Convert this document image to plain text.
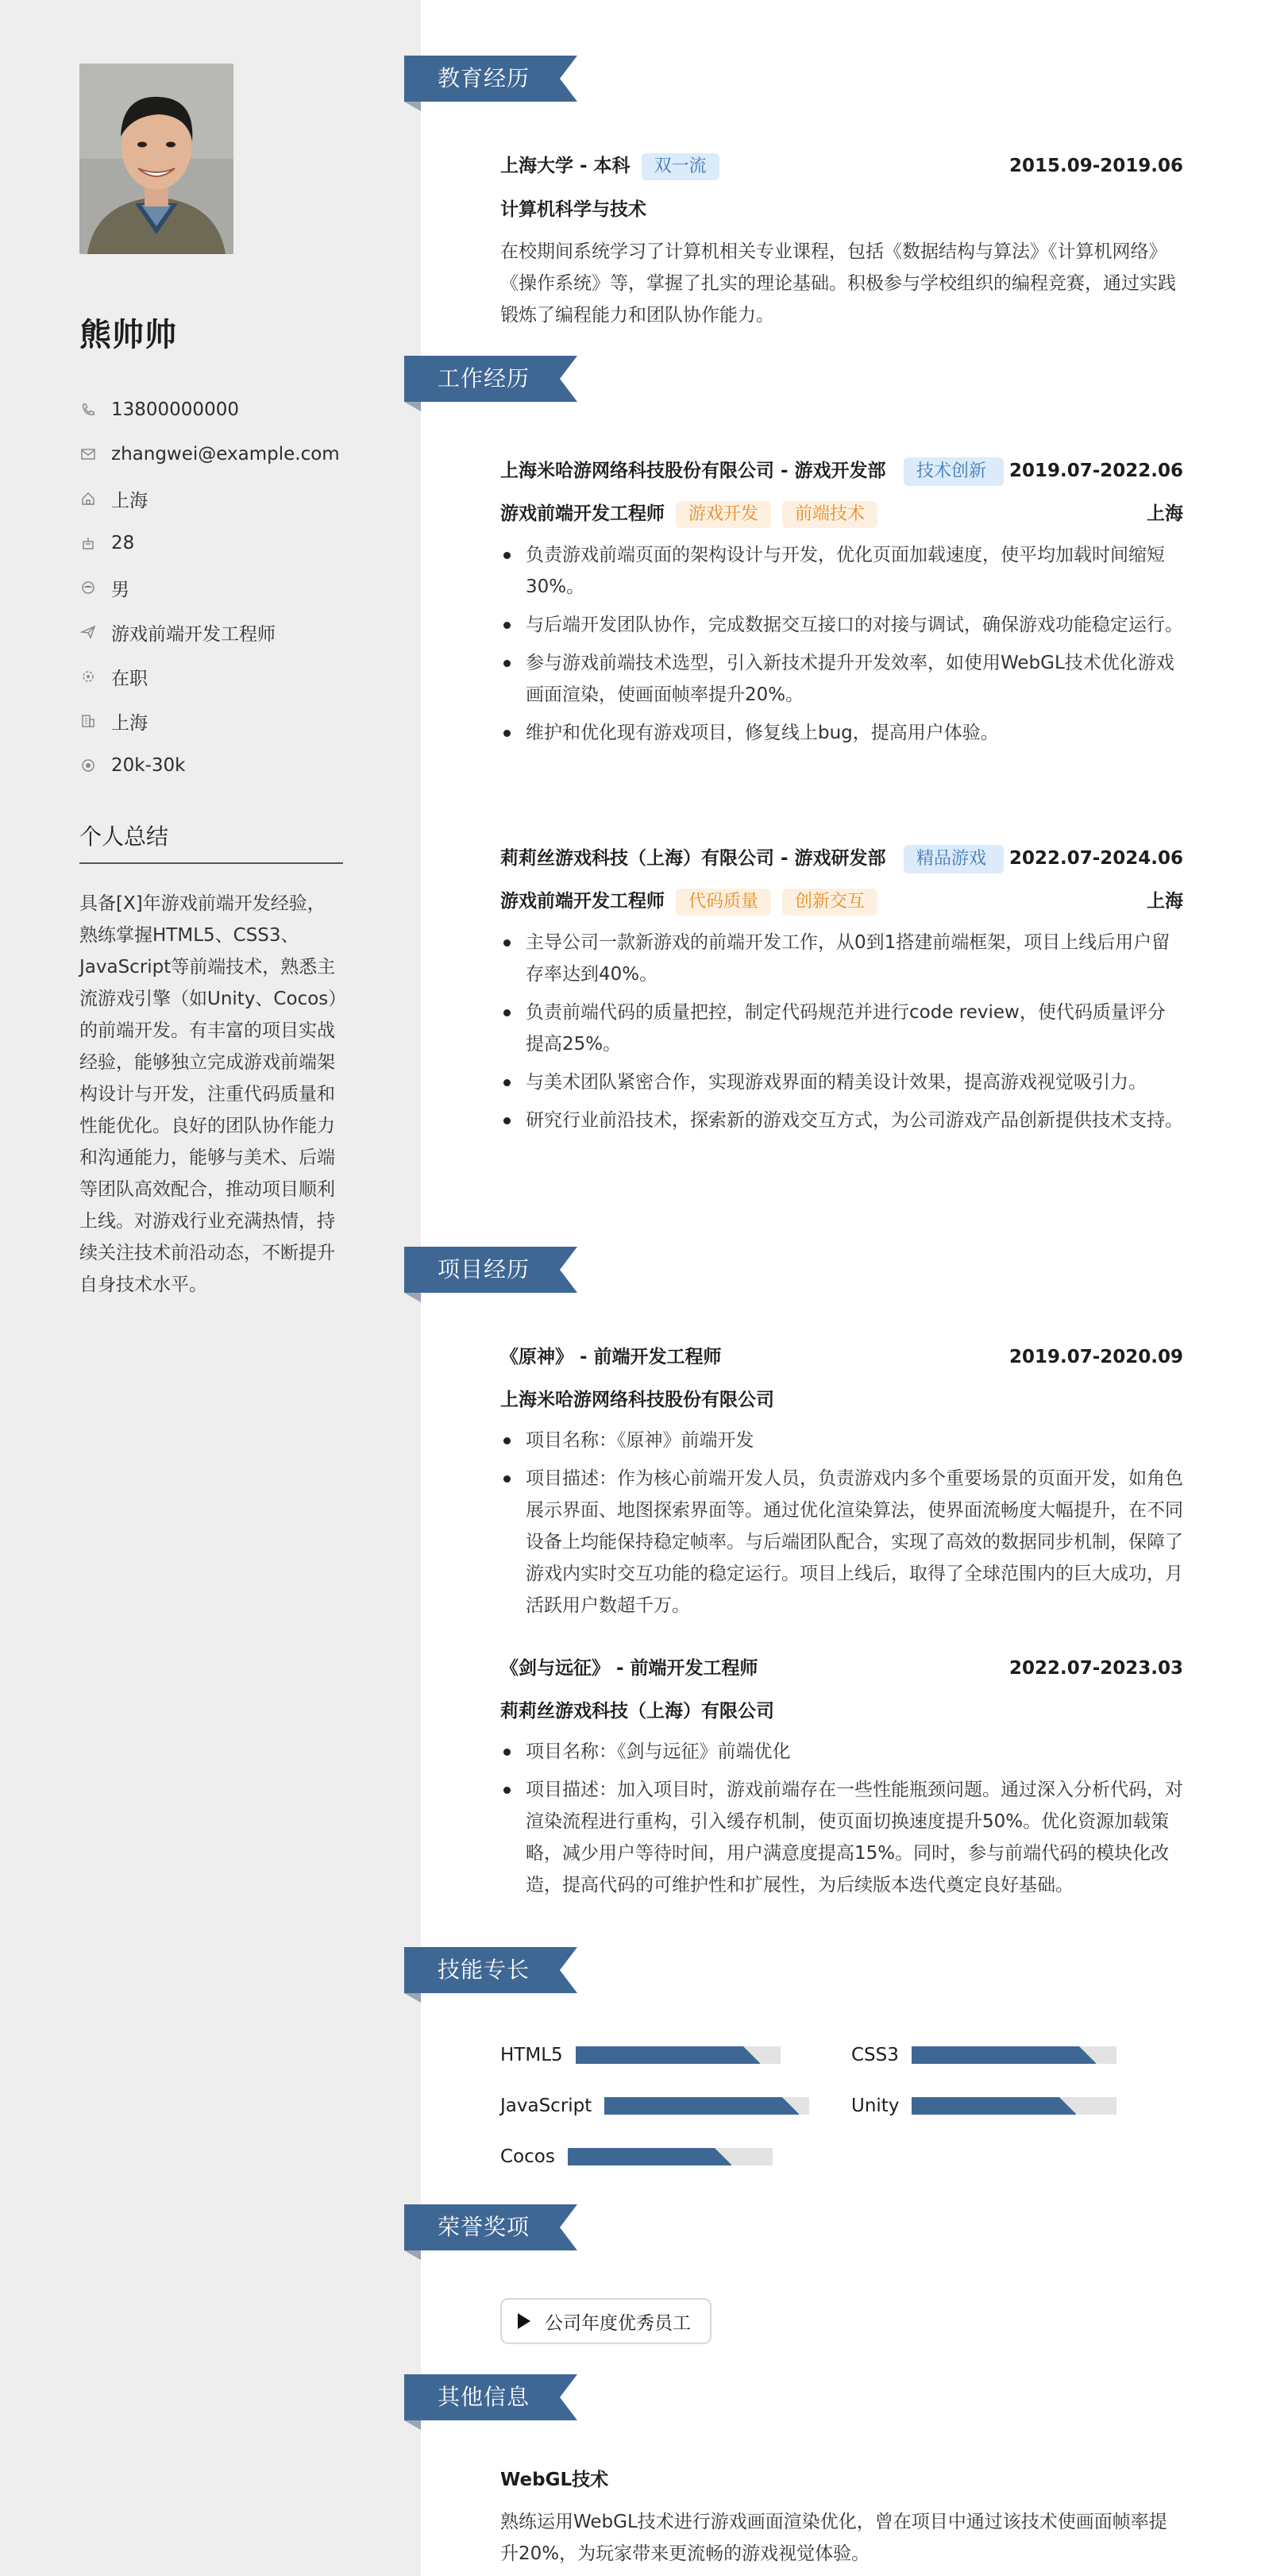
熊帅帅
13800000000
zhangwei@example.com
上海
28
男
游戏前端开发工程师
在职
上海
20k-30k
个人总结
具备[X]年游戏前端开发经验，熟练掌握HTML5、CSS3、JavaScript等前端技术，熟悉主流游戏引擎（如Unity、Cocos）的前端开发。有丰富的项目实战经验，能够独立完成游戏前端架构设计与开发，注重代码质量和性能优化。良好的团队协作能力和沟通能力，能够与美术、后端等团队高效配合，推动项目顺利上线。对游戏行业充满热情，持续关注技术前沿动态，不断提升自身技术水平。
教育经历
工作经历
项目经历
技能专长
荣誉奖项
其他信息
上海大学 - 本科 双一流	2015.09-2019.06
计算机科学与技术
在校期间系统学习了计算机相关专业课程，包括《数据结构与算法》《计算机网络》《操作系统》等，掌握了扎实的理论基础。积极参与学校组织的编程竞赛，通过实践锻炼了编程能力和团队协作能力。
上海米哈游网络科技股份有限公司 - 游戏开发部	技术创新	2019.07-2022.06
游戏前端开发工程师 游戏开发 前端技术	上海
负责游戏前端页面的架构设计与开发，优化页面加载速度，使平均加载时间缩短30%。
与后端开发团队协作，完成数据交互接口的对接与调试，确保游戏功能稳定运行。
参与游戏前端技术选型，引入新技术提升开发效率，如使用WebGL技术优化游戏画面渲染，使画面帧率提升20%。
维护和优化现有游戏项目，修复线上bug，提高用户体验。
莉莉丝游戏科技（上海）有限公司 - 游戏研发部	精品游戏	2022.07-2024.06
游戏前端开发工程师 代码质量 创新交互	上海
主导公司一款新游戏的前端开发工作，从0到1搭建前端框架，项目上线后用户留存率达到40%。
负责前端代码的质量把控，制定代码规范并进行code review，使代码质量评分提高25%。
与美术团队紧密合作，实现游戏界面的精美设计效果，提高游戏视觉吸引力。
研究行业前沿技术，探索新的游戏交互方式，为公司游戏产品创新提供技术支持。
《原神》 - 前端开发工程师	2019.07-2020.09
上海米哈游网络科技股份有限公司
项目名称：《原神》前端开发
项目描述：作为核心前端开发人员，负责游戏内多个重要场景的页面开发，如角色展示界面、地图探索界面等。通过优化渲染算法，使界面流畅度大幅提升，在不同设备上均能保持稳定帧率。与后端团队配合，实现了高效的数据同步机制，保障了游戏内实时交互功能的稳定运行。项目上线后，取得了全球范围内的巨大成功，月活跃用户数超千万。
《剑与远征》 - 前端开发工程师	2022.07-2023.03
莉莉丝游戏科技（上海）有限公司
项目名称：《剑与远征》前端优化
项目描述：加入项目时，游戏前端存在一些性能瓶颈问题。通过深入分析代码，对渲染流程进行重构，引入缓存机制，使页面切换速度提升50%。优化资源加载策略，减少用户等待时间，用户满意度提高15%。同时，参与前端代码的模块化改造，提高代码的可维护性和扩展性，为后续版本迭代奠定良好基础。
HTML5	CSS3
JavaScript	Unity
Cocos
公司年度优秀员工
WebGL技术
熟练运用WebGL技术进行游戏画面渲染优化，曾在项目中通过该技术使画面帧率提升20%，为玩家带来更流畅的游戏视觉体验。
